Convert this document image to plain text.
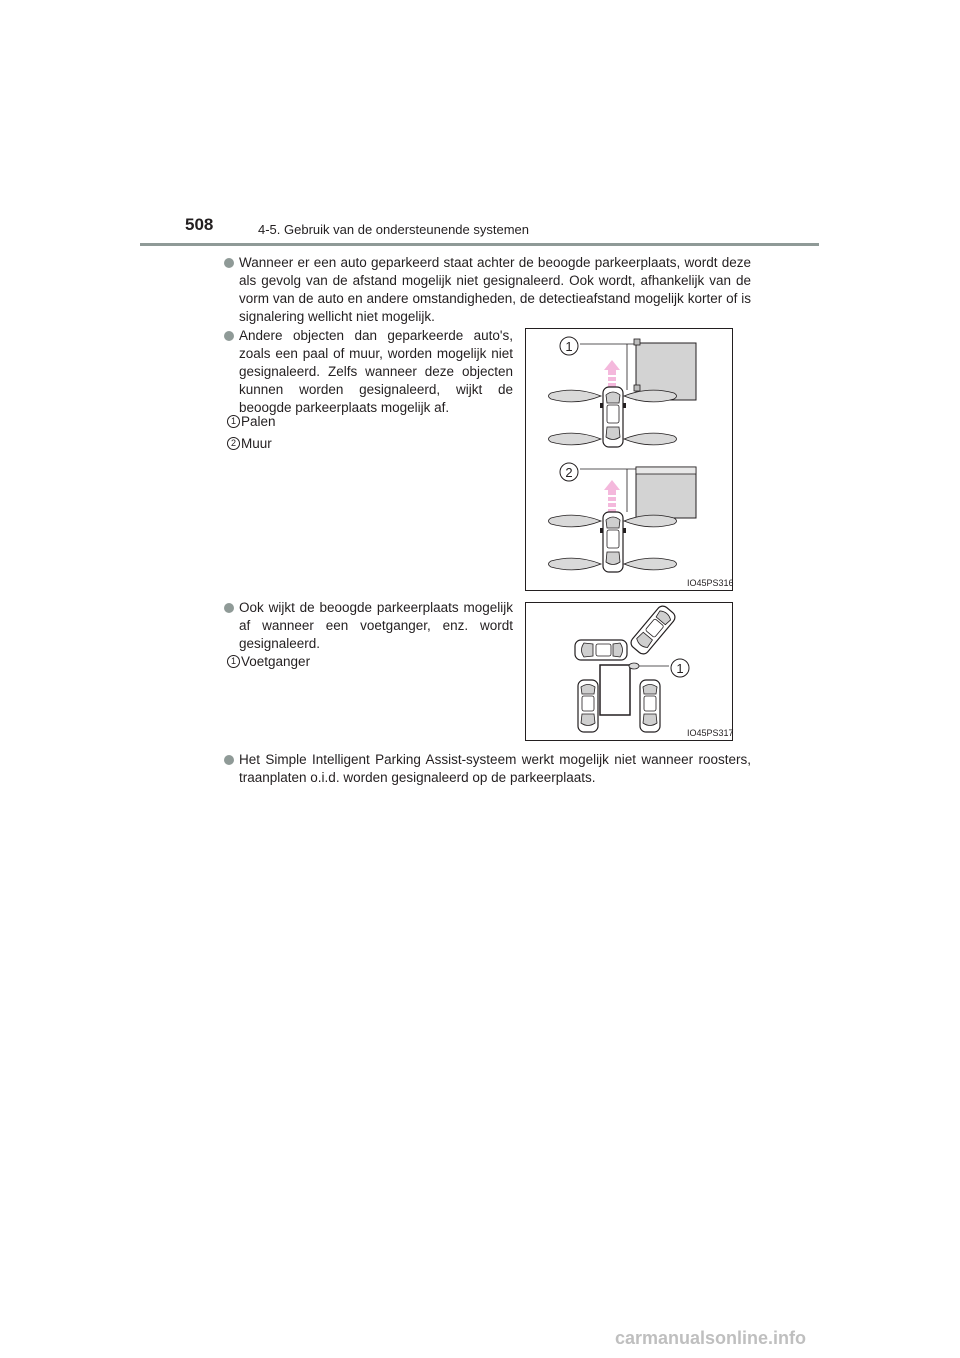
508	4-5. Gebruik van de ondersteunende systemen
Wanneer er een auto geparkeerd staat achter de beoogde parkeerplaats, wordt deze als gevolg van de afstand mogelijk niet gesignaleerd. Ook wordt, afhankelijk van de vorm van de auto en andere omstandigheden, de detectieafstand mogelijk korter of is signalering wellicht niet mogelijk.
Andere objecten dan geparkeerde auto's, zoals een paal of muur, worden mogelijk niet gesignaleerd. Zelfs wanneer deze objecten kunnen worden gesignaleerd, wijkt de beoogde parkeerplaats mogelijk af.
1 Palen
2 Muur
1
2
IO45PS316
Ook wijkt de beoogde parkeerplaats mogelijk af wanneer een voetganger, enz. wordt gesignaleerd.
1 Voetganger	1
IO45PS317
Het Simple Intelligent Parking Assist-systeem werkt mogelijk niet wanneer roosters, traanplaten o.i.d. worden gesignaleerd op de parkeerplaats.
carmanualsonline.info
